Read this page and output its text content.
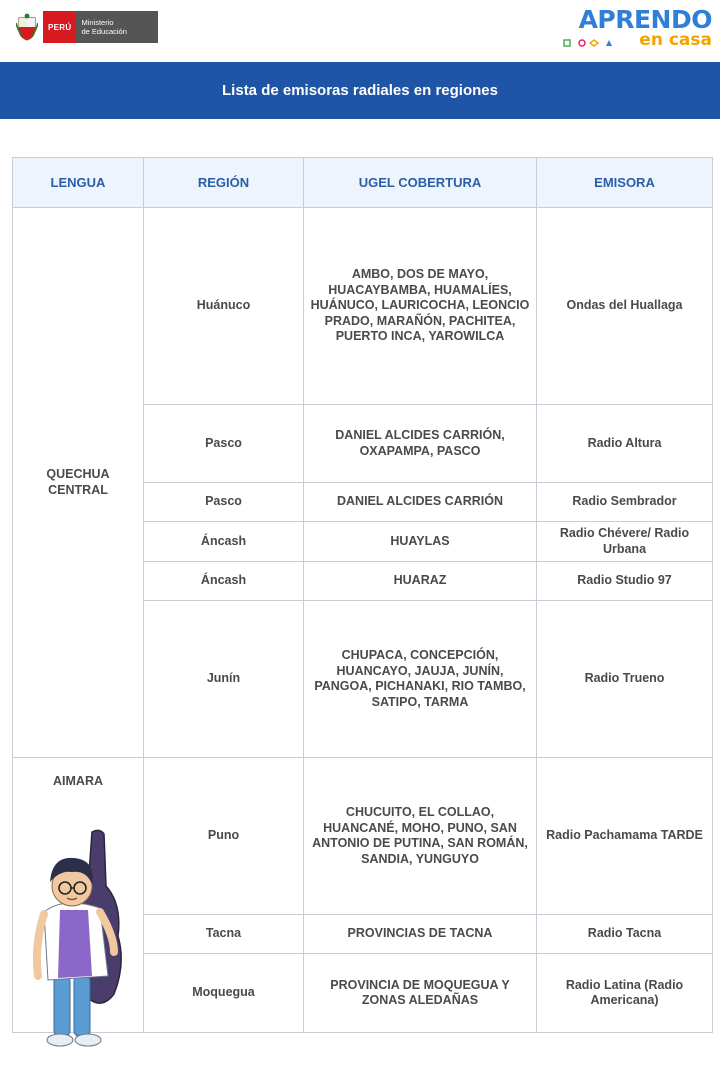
PERÚ	Ministerio
de Educación	APRENDO
en casa
Lista de emisoras radiales en regiones
LENGUA	REGIÓN	UGEL COBERTURA	EMISORA
QUECHUA CENTRAL	Huánuco	AMBO, DOS DE MAYO, HUACAYBAMBA, HUAMALÍES, HUÁNUCO, LAURICOCHA, LEONCIO PRADO, MARAÑÓN, PACHITEA, PUERTO INCA, YAROWILCA	Ondas del Huallaga
	Pasco	DANIEL ALCIDES CARRIÓN, OXAPAMPA, PASCO	Radio Altura
	Pasco	DANIEL ALCIDES CARRIÓN	Radio Sembrador
	Áncash	HUAYLAS	Radio Chévere/ Radio Urbana
	Áncash	HUARAZ	Radio Studio 97
	Junín	CHUPACA, CONCEPCIÓN, HUANCAYO, JAUJA, JUNÍN, PANGOA, PICHANAKI, RIO TAMBO, SATIPO, TARMA	Radio Trueno
AIMARA	Puno	CHUCUITO, EL COLLAO, HUANCANÉ, MOHO, PUNO, SAN ANTONIO DE PUTINA, SAN ROMÁN, SANDIA, YUNGUYO	Radio Pachamama TARDE
	Tacna	PROVINCIAS DE TACNA	Radio Tacna
	Moquegua	PROVINCIA DE MOQUEGUA Y ZONAS ALEDAÑAS	Radio Latina (Radio Americana)
